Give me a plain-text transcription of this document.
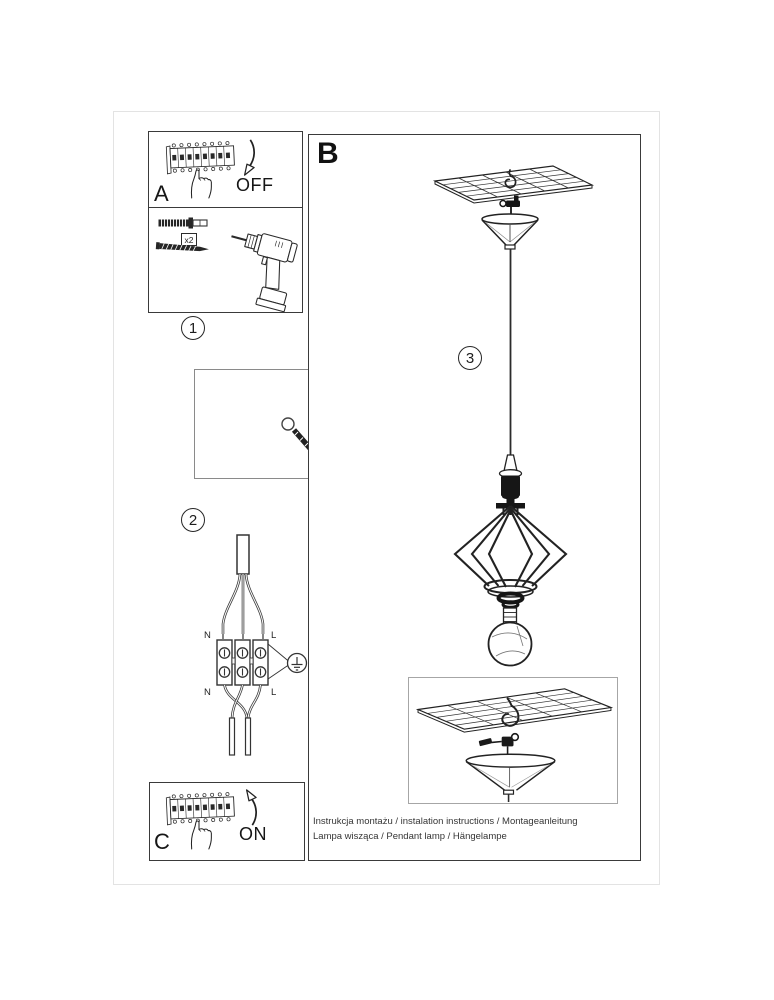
A	OFF
x2
1
2
N	L
N	L
C	ON
B
3
Instrukcja montażu / instalation instructions / Montageanleitung
Lampa wisząca / Pendant lamp / Hängelampe
